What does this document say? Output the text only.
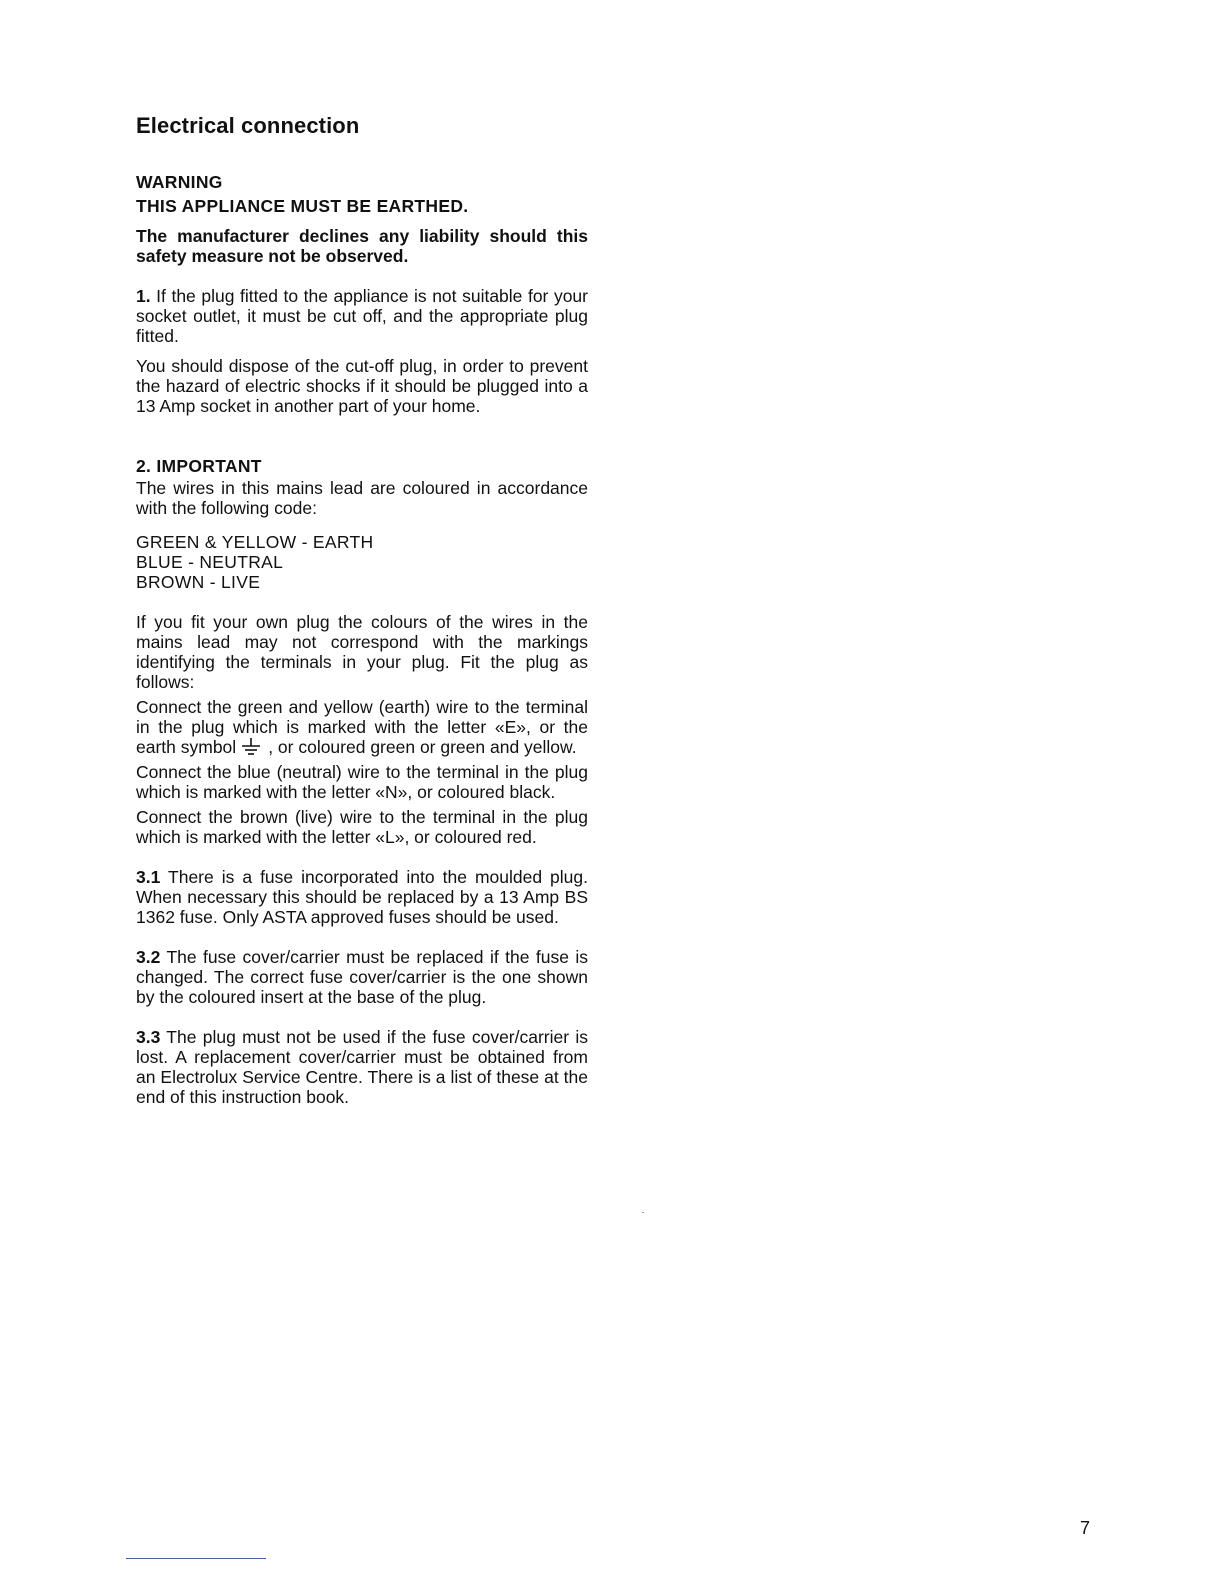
Electrical connection
WARNING
THIS APPLIANCE MUST BE EARTHED.

The manufacturer declines any liability should this safety measure not be observed.

1. If the plug fitted to the appliance is not suitable for your socket outlet, it must be cut off, and the appropriate plug fitted.

You should dispose of the cut-off plug, in order to prevent the hazard of electric shocks if it should be plugged into a 13 Amp socket in another part of your home.

2. IMPORTANT

The wires in this mains lead are coloured in accordance with the following code:

GREEN & YELLOW - EARTH
BLUE - NEUTRAL
BROWN - LIVE

If you fit your own plug the colours of the wires in the mains lead may not correspond with the markings identifying the terminals in your plug. Fit the plug as follows:

Connect the green and yellow (earth) wire to the terminal in the plug which is marked with the letter «E», or the earth symbol , or coloured green or green and yellow.

Connect the blue (neutral) wire to the terminal in the plug which is marked with the letter «N», or coloured black.

Connect the brown (live) wire to the terminal in the plug which is marked with the letter «L», or coloured red.

3.1 There is a fuse incorporated into the moulded plug. When necessary this should be replaced by a 13 Amp BS 1362 fuse. Only ASTA approved fuses should be used.

3.2 The fuse cover/carrier must be replaced if the fuse is changed. The correct fuse cover/carrier is the one shown by the coloured insert at the base of the plug.

3.3 The plug must not be used if the fuse cover/carrier is lost. A replacement cover/carrier must be obtained from an Electrolux Service Centre. There is a list of these at the end of this instruction book.

7
